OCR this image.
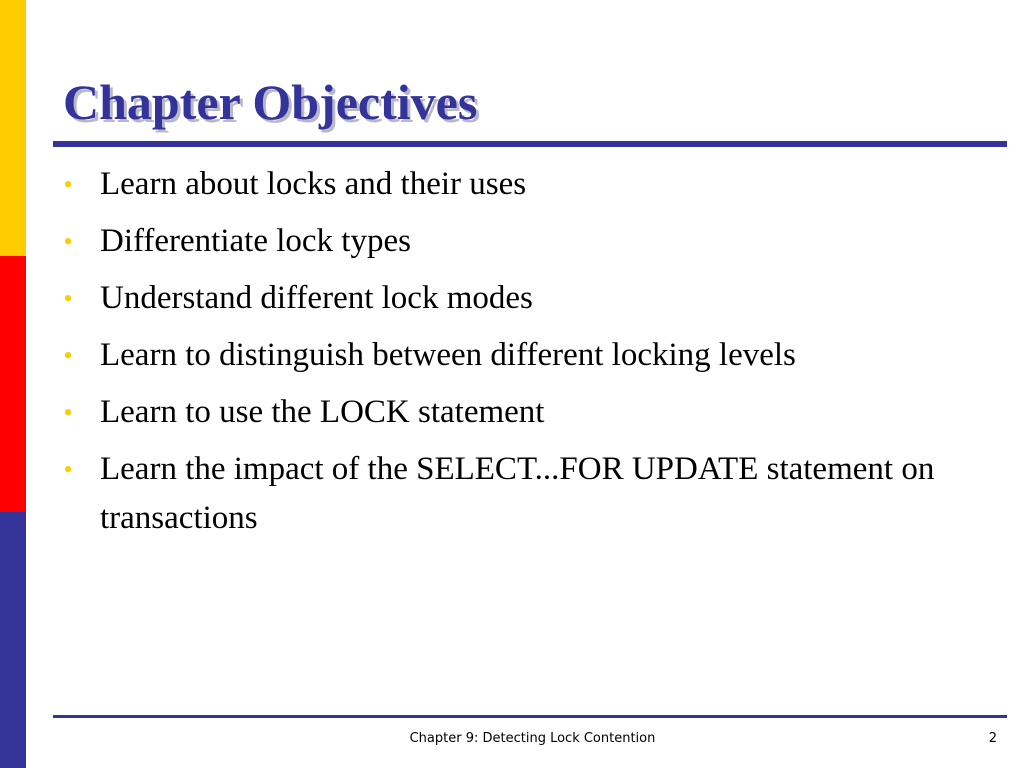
Chapter Objectives
• Learn about locks and their uses
• Differentiate lock types
• Understand different lock modes
• Learn to distinguish between different locking levels
• Learn to use the LOCK statement
• Learn the impact of the SELECT...FOR UPDATE statement on transactions
Chapter 9: Detecting Lock Contention	2
